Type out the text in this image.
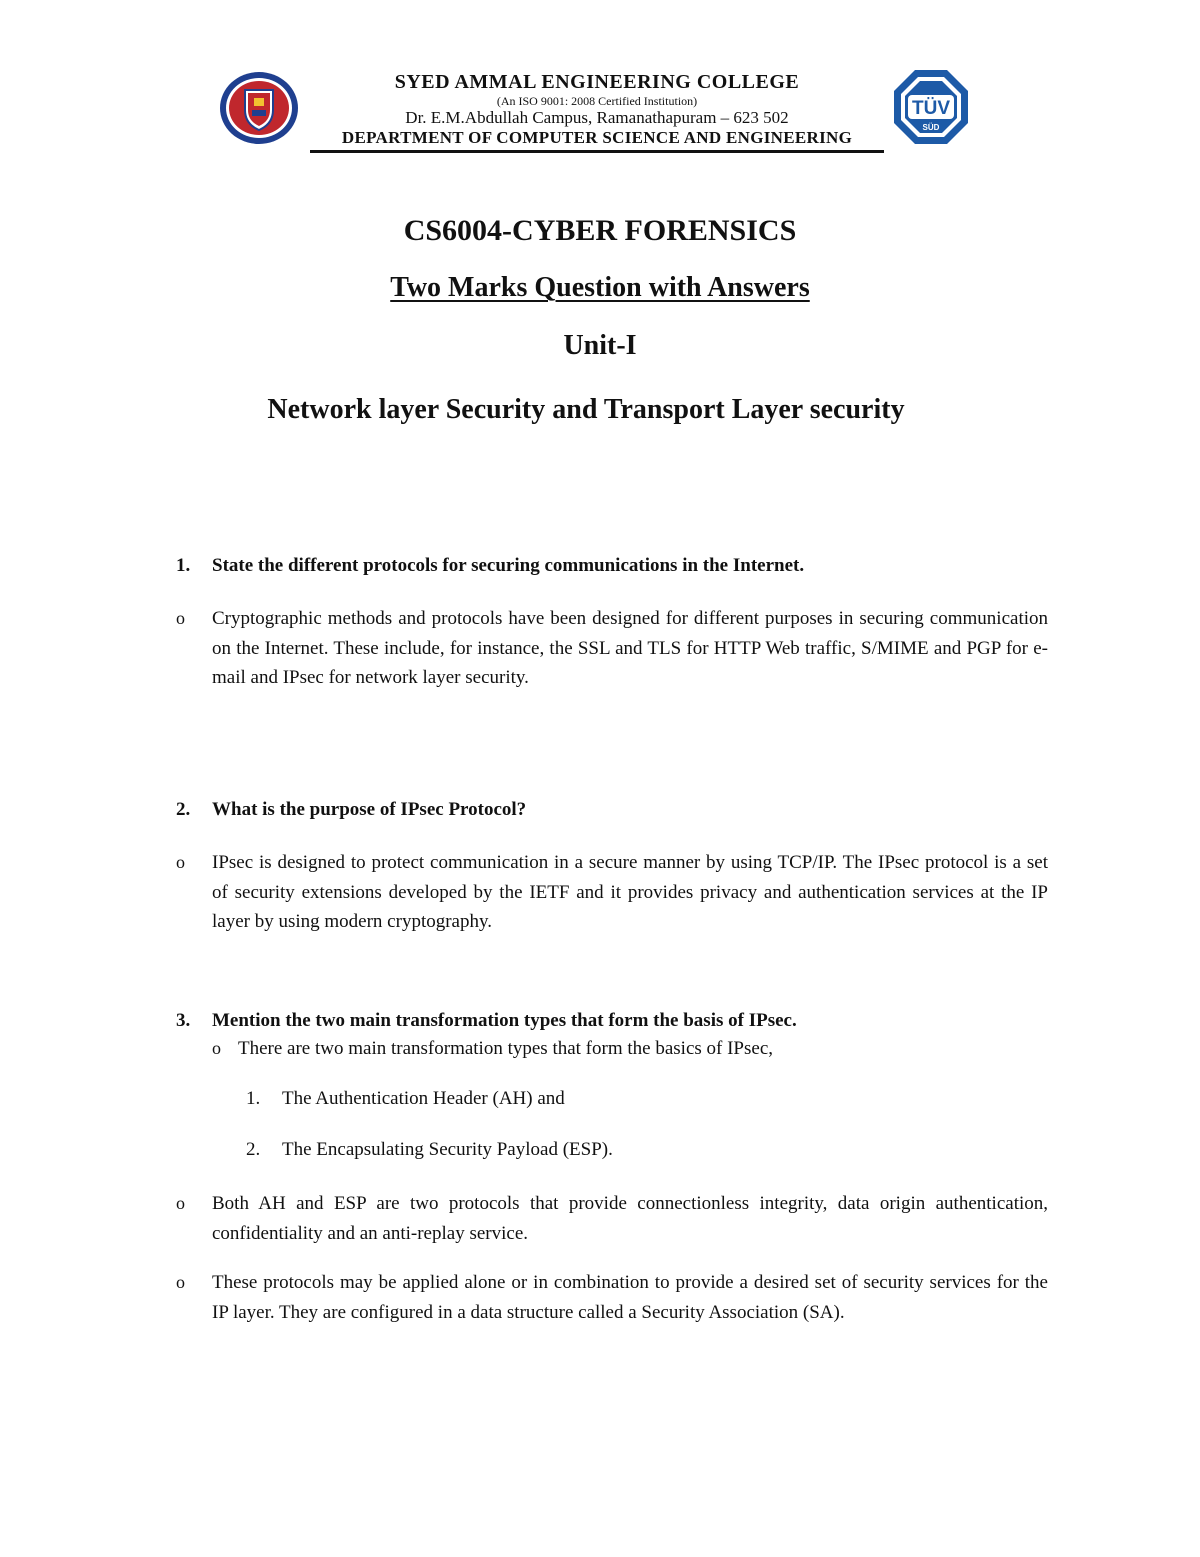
SYED AMMAL ENGINEERING COLLEGE
(An ISO 9001: 2008 Certified Institution)
Dr. E.M.Abdullah Campus, Ramanathapuram – 623 502
DEPARTMENT OF COMPUTER SCIENCE AND ENGINEERING
TÜV
SÜD
CS6004-CYBER FORENSICS
Two Marks Question with Answers
Unit-I
Network layer Security and Transport Layer security
1. State the different protocols for securing communications in the Internet.
o Cryptographic methods and protocols have been designed for different purposes in securing communication on the Internet. These include, for instance, the SSL and TLS for HTTP Web traffic, S/MIME and PGP for e-mail and IPsec for network layer security.
2. What is the purpose of IPsec Protocol?
o IPsec is designed to protect communication in a secure manner by using TCP/IP. The IPsec protocol is a set of security extensions developed by the IETF and it provides privacy and authentication services at the IP layer by using modern cryptography.
3. Mention the two main transformation types that form the basis of IPsec.
o There are two main transformation types that form the basics of IPsec,
1. The Authentication Header (AH) and
2. The Encapsulating Security Payload (ESP).
o Both AH and ESP are two protocols that provide connectionless integrity, data origin authentication, confidentiality and an anti-replay service.
o These protocols may be applied alone or in combination to provide a desired set of security services for the IP layer. They are configured in a data structure called a Security Association (SA).
